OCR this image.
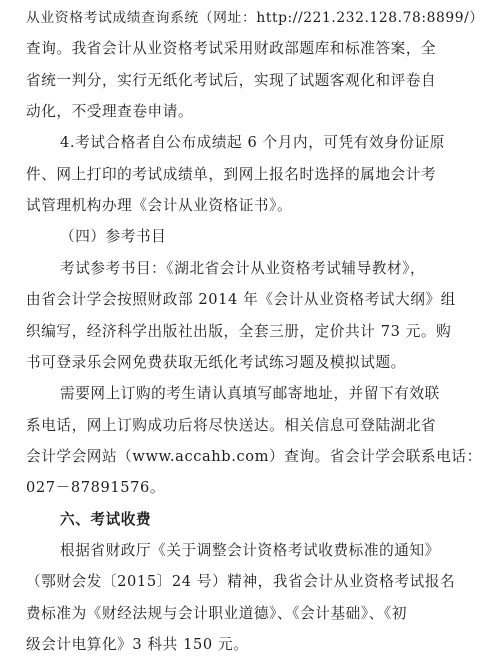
从业资格考试成绩查询系统（网址：http://221.232.128.78:8899/）
查询。我省会计从业资格考试采用财政部题库和标准答案，全
省统一判分，实行无纸化考试后，实现了试题客观化和评卷自
动化，不受理查卷申请。
4.考试合格者自公布成绩起 6 个月内，可凭有效身份证原
件、网上打印的考试成绩单，到网上报名时选择的属地会计考
试管理机构办理《会计从业资格证书》。
（四）参考书目
考试参考书目：《湖北省会计从业资格考试辅导教材》，
由省会计学会按照财政部 2014 年《会计从业资格考试大纲》组
织编写，经济科学出版社出版，全套三册，定价共计 73 元。购
书可登录乐会网免费获取无纸化考试练习题及模拟试题。
需要网上订购的考生请认真填写邮寄地址，并留下有效联
系电话，网上订购成功后将尽快送达。相关信息可登陆湖北省
会计学会网站（www.accahb.com）查询。省会计学会联系电话：
027－87891576。
六、考试收费
根据省财政厅《关于调整会计资格考试收费标准的通知》
（鄂财会发〔2015〕24 号）精神，我省会计从业资格考试报名
费标准为《财经法规与会计职业道德》、《会计基础》、《初
级会计电算化》3 科共 150 元。
